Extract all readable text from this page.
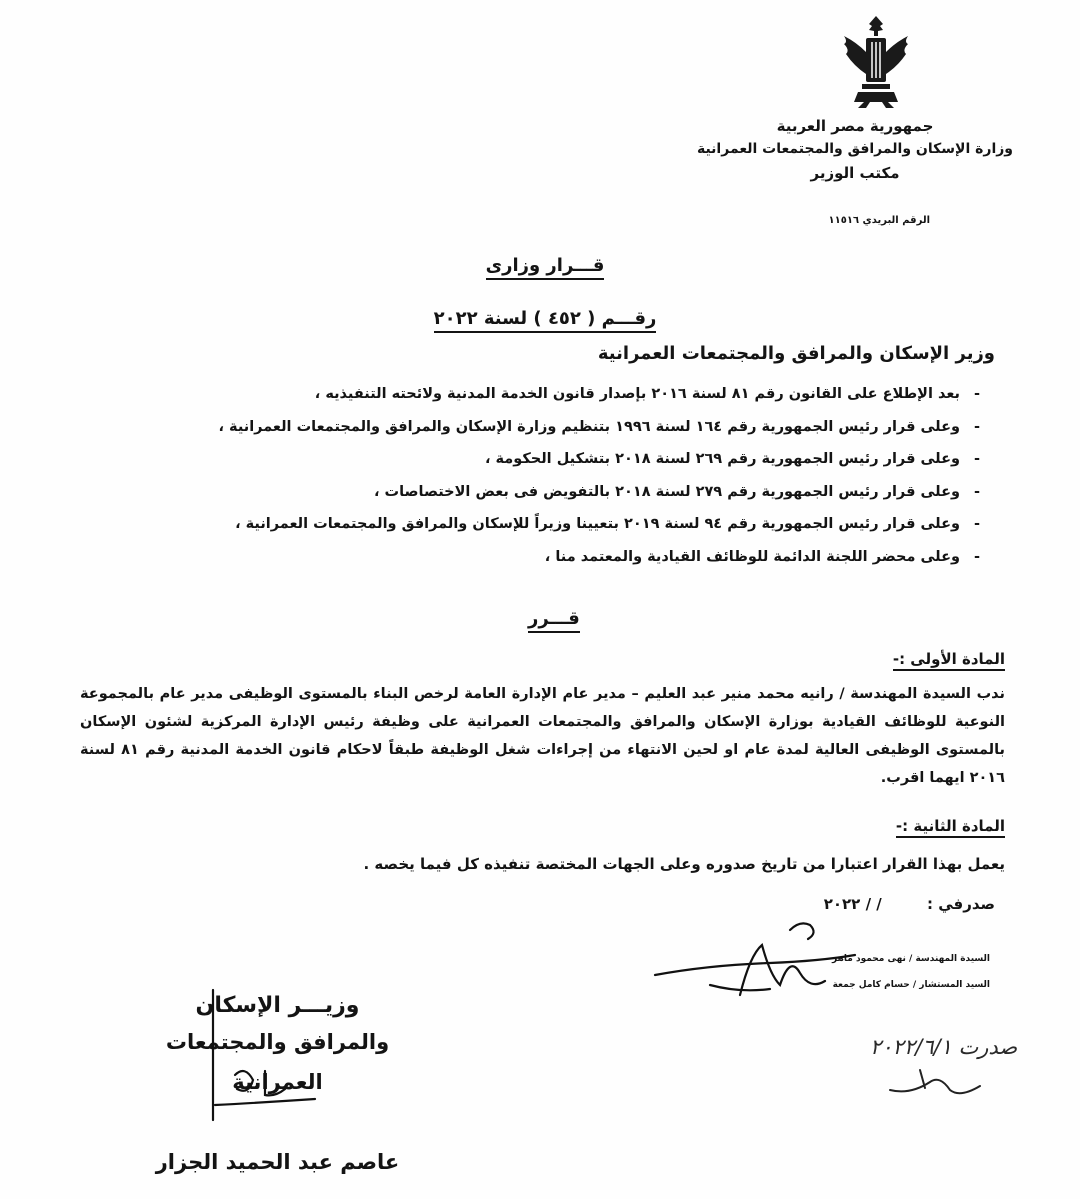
جمهورية مصر العربية
وزارة الإسكان والمرافق والمجتمعات العمرانية
مكتب الوزير
الرقم البريدي ١١٥١٦
قـــرار وزارى
رقـــم ( ٤٥٢ ) لسنة ٢٠٢٢
وزير الإسكان والمرافق والمجتمعات العمرانية
- بعد الإطلاع على القانون رقم ٨١ لسنة ٢٠١٦ بإصدار قانون الخدمة المدنية ولائحته التنفيذيه ،
- وعلى قرار رئيس الجمهورية رقم ١٦٤ لسنة ١٩٩٦ بتنظيم وزارة الإسكان والمرافق والمجتمعات العمرانية ،
- وعلى قرار رئيس الجمهورية رقم ٢٦٩ لسنة ٢٠١٨ بتشكيل الحكومة ،
- وعلى قرار رئيس الجمهورية رقم ٢٧٩ لسنة ٢٠١٨ بالتفويض فى بعض الاختصاصات ،
- وعلى قرار رئيس الجمهورية رقم ٩٤ لسنة ٢٠١٩ بتعيينا وزيراً للإسكان والمرافق والمجتمعات العمرانية ،
- وعلى محضر اللجنة الدائمة للوظائف القيادية والمعتمد منا ،
قـــرر
المادة الأولى :-
ندب السيدة المهندسة / رانيه محمد منير عبد العليم – مدير عام الإدارة العامة لرخص البناء بالمستوى الوظيفى مدير عام بالمجموعة النوعية للوظائف القيادية بوزارة الإسكان والمرافق والمجتمعات العمرانية على وظيفة رئيس الإدارة المركزية لشئون الإسكان بالمستوى الوظيفى العالية لمدة عام او لحين الانتهاء من إجراءات شغل الوظيفة طبقاً لاحكام قانون الخدمة المدنية رقم ٨١ لسنة ٢٠١٦ ايهما اقرب.
المادة الثانية :-
يعمل بهذا القرار اعتبارا من تاريخ صدوره وعلى الجهات المختصة تنفيذه كل فيما يخصه .
صدرفي : / / ٢٠٢٢
السيدة المهندسة / نهى محمود ماهر
السيد المستشار / حسام كامل جمعة
وزيـــر الإسكان
والمرافق والمجتمعات العمرانية
عاصم عبد الحميد الجزار
صدرت ٢٠٢٢/٦/١
